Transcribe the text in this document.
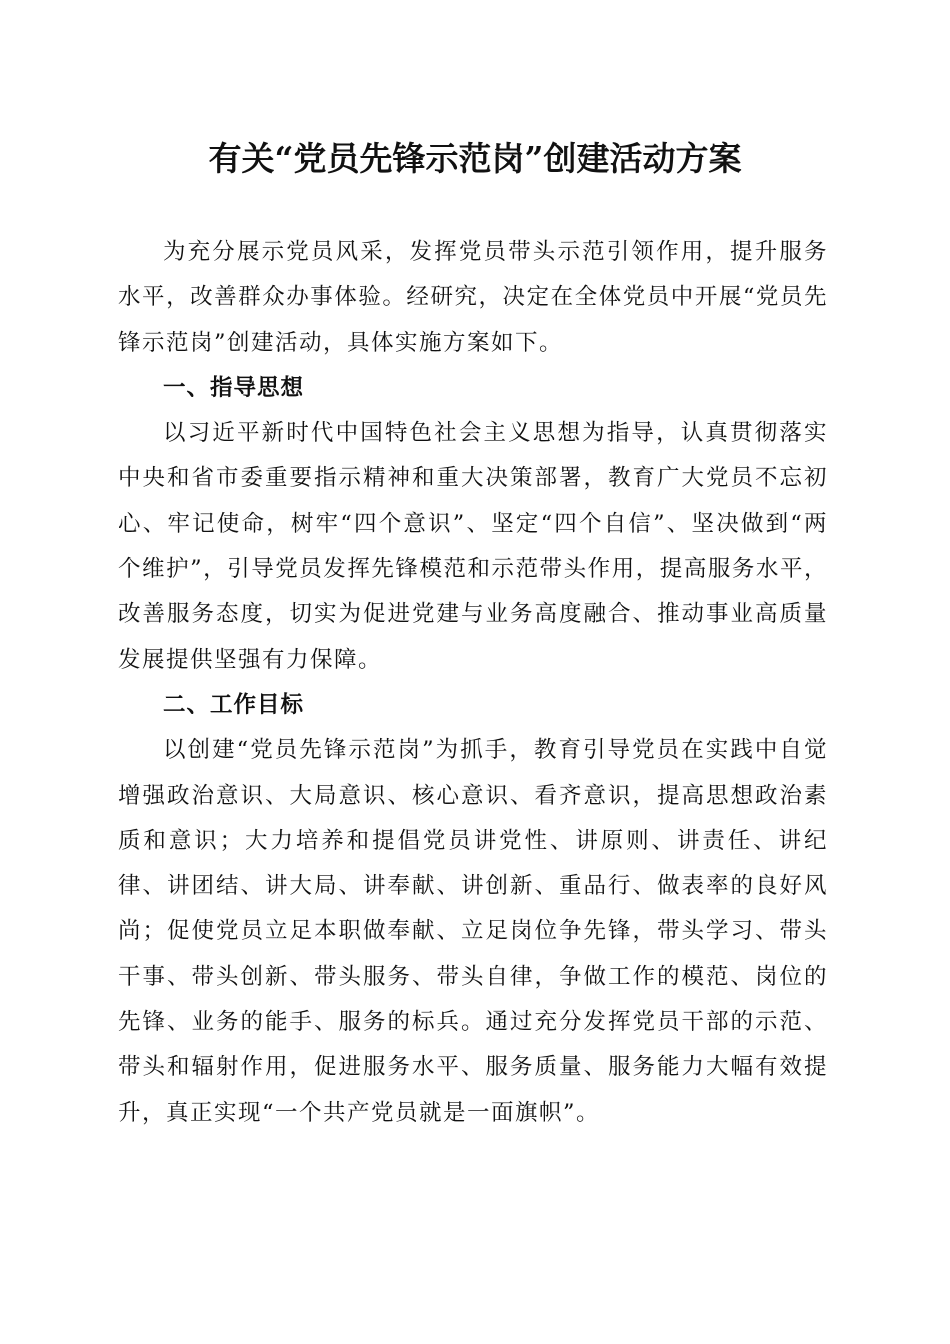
有关“党员先锋示范岗”创建活动方案

为充分展示党员风采，发挥党员带头示范引领作用，提升服务水平，改善群众办事体验。经研究，决定在全体党员中开展“党员先锋示范岗”创建活动，具体实施方案如下。

一、指导思想

以习近平新时代中国特色社会主义思想为指导，认真贯彻落实中央和省市委重要指示精神和重大决策部署，教育广大党员不忘初心、牢记使命，树牢“四个意识”、坚定“四个自信”、坚决做到“两个维护”，引导党员发挥先锋模范和示范带头作用，提高服务水平，改善服务态度，切实为促进党建与业务高度融合、推动事业高质量发展提供坚强有力保障。

二、工作目标

以创建“党员先锋示范岗”为抓手，教育引导党员在实践中自觉增强政治意识、大局意识、核心意识、看齐意识，提高思想政治素质和意识；大力培养和提倡党员讲党性、讲原则、讲责任、讲纪律、讲团结、讲大局、讲奉献、讲创新、重品行、做表率的良好风尚；促使党员立足本职做奉献、立足岗位争先锋，带头学习、带头干事、带头创新、带头服务、带头自律，争做工作的模范、岗位的先锋、业务的能手、服务的标兵。通过充分发挥党员干部的示范、带头和辐射作用，促进服务水平、服务质量、服务能力大幅有效提升，真正实现“一个共产党员就是一面旗帜”。
